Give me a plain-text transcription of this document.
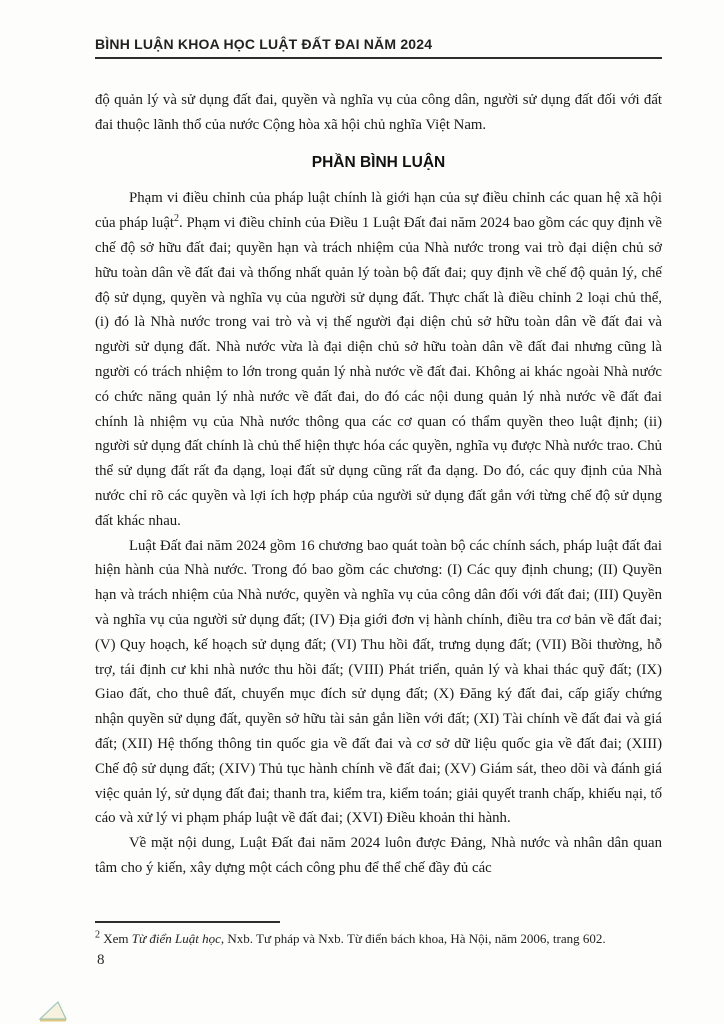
BÌNH LUẬN KHOA HỌC LUẬT ĐẤT ĐAI NĂM 2024

độ quản lý và sử dụng đất đai, quyền và nghĩa vụ của công dân, người sử dụng đất đối với đất đai thuộc lãnh thổ của nước Cộng hòa xã hội chủ nghĩa Việt Nam.

PHẦN BÌNH LUẬN

Phạm vi điều chỉnh của pháp luật chính là giới hạn của sự điều chỉnh các quan hệ xã hội của pháp luật$^2$. Phạm vi điều chỉnh của Điều 1 Luật Đất đai năm 2024 bao gồm các quy định về chế độ sở hữu đất đai; quyền hạn và trách nhiệm của Nhà nước trong vai trò đại diện chủ sở hữu toàn dân về đất đai và thống nhất quản lý toàn bộ đất đai; quy định về chế độ quản lý, chế độ sử dụng, quyền và nghĩa vụ của người sử dụng đất. Thực chất là điều chỉnh 2 loại chủ thể, (i) đó là Nhà nước trong vai trò và vị thế người đại diện chủ sở hữu toàn dân về đất đai và người sử dụng đất. Nhà nước vừa là đại diện chủ sở hữu toàn dân về đất đai nhưng cũng là người có trách nhiệm to lớn trong quản lý nhà nước về đất đai. Không ai khác ngoài Nhà nước có chức năng quản lý nhà nước về đất đai, do đó các nội dung quản lý nhà nước về đất đai chính là nhiệm vụ của Nhà nước thông qua các cơ quan có thẩm quyền theo luật định; (ii) người sử dụng đất chính là chủ thể hiện thực hóa các quyền, nghĩa vụ được Nhà nước trao. Chủ thể sử dụng đất rất đa dạng, loại đất sử dụng cũng rất đa dạng. Do đó, các quy định của Nhà nước chỉ rõ các quyền và lợi ích hợp pháp của người sử dụng đất gắn với từng chế độ sử dụng đất khác nhau.

Luật Đất đai năm 2024 gồm 16 chương bao quát toàn bộ các chính sách, pháp luật đất đai hiện hành của Nhà nước. Trong đó bao gồm các chương: (I) Các quy định chung; (II) Quyền hạn và trách nhiệm của Nhà nước, quyền và nghĩa vụ của công dân đối với đất đai; (III) Quyền và nghĩa vụ của người sử dụng đất; (IV) Địa giới đơn vị hành chính, điều tra cơ bản về đất đai; (V) Quy hoạch, kế hoạch sử dụng đất; (VI) Thu hồi đất, trưng dụng đất; (VII) Bồi thường, hỗ trợ, tái định cư khi nhà nước thu hồi đất; (VIII) Phát triển, quản lý và khai thác quỹ đất; (IX) Giao đất, cho thuê đất, chuyển mục đích sử dụng đất; (X) Đăng ký đất đai, cấp giấy chứng nhận quyền sử dụng đất, quyền sở hữu tài sản gắn liền với đất; (XI) Tài chính về đất đai và giá đất; (XII) Hệ thống thông tin quốc gia về đất đai và cơ sở dữ liệu quốc gia về đất đai; (XIII) Chế độ sử dụng đất; (XIV) Thủ tục hành chính về đất đai; (XV) Giám sát, theo dõi và đánh giá việc quản lý, sử dụng đất đai; thanh tra, kiểm tra, kiểm toán; giải quyết tranh chấp, khiếu nại, tố cáo và xử lý vi phạm pháp luật về đất đai; (XVI) Điều khoản thi hành.

Về mặt nội dung, Luật Đất đai năm 2024 luôn được Đảng, Nhà nước và nhân dân quan tâm cho ý kiến, xây dựng một cách công phu để thể chế đầy đủ các

$^2$ Xem Từ điển Luật học, Nxb. Tư pháp và Nxb. Từ điển bách khoa, Hà Nội, năm 2006, trang 602.

8
